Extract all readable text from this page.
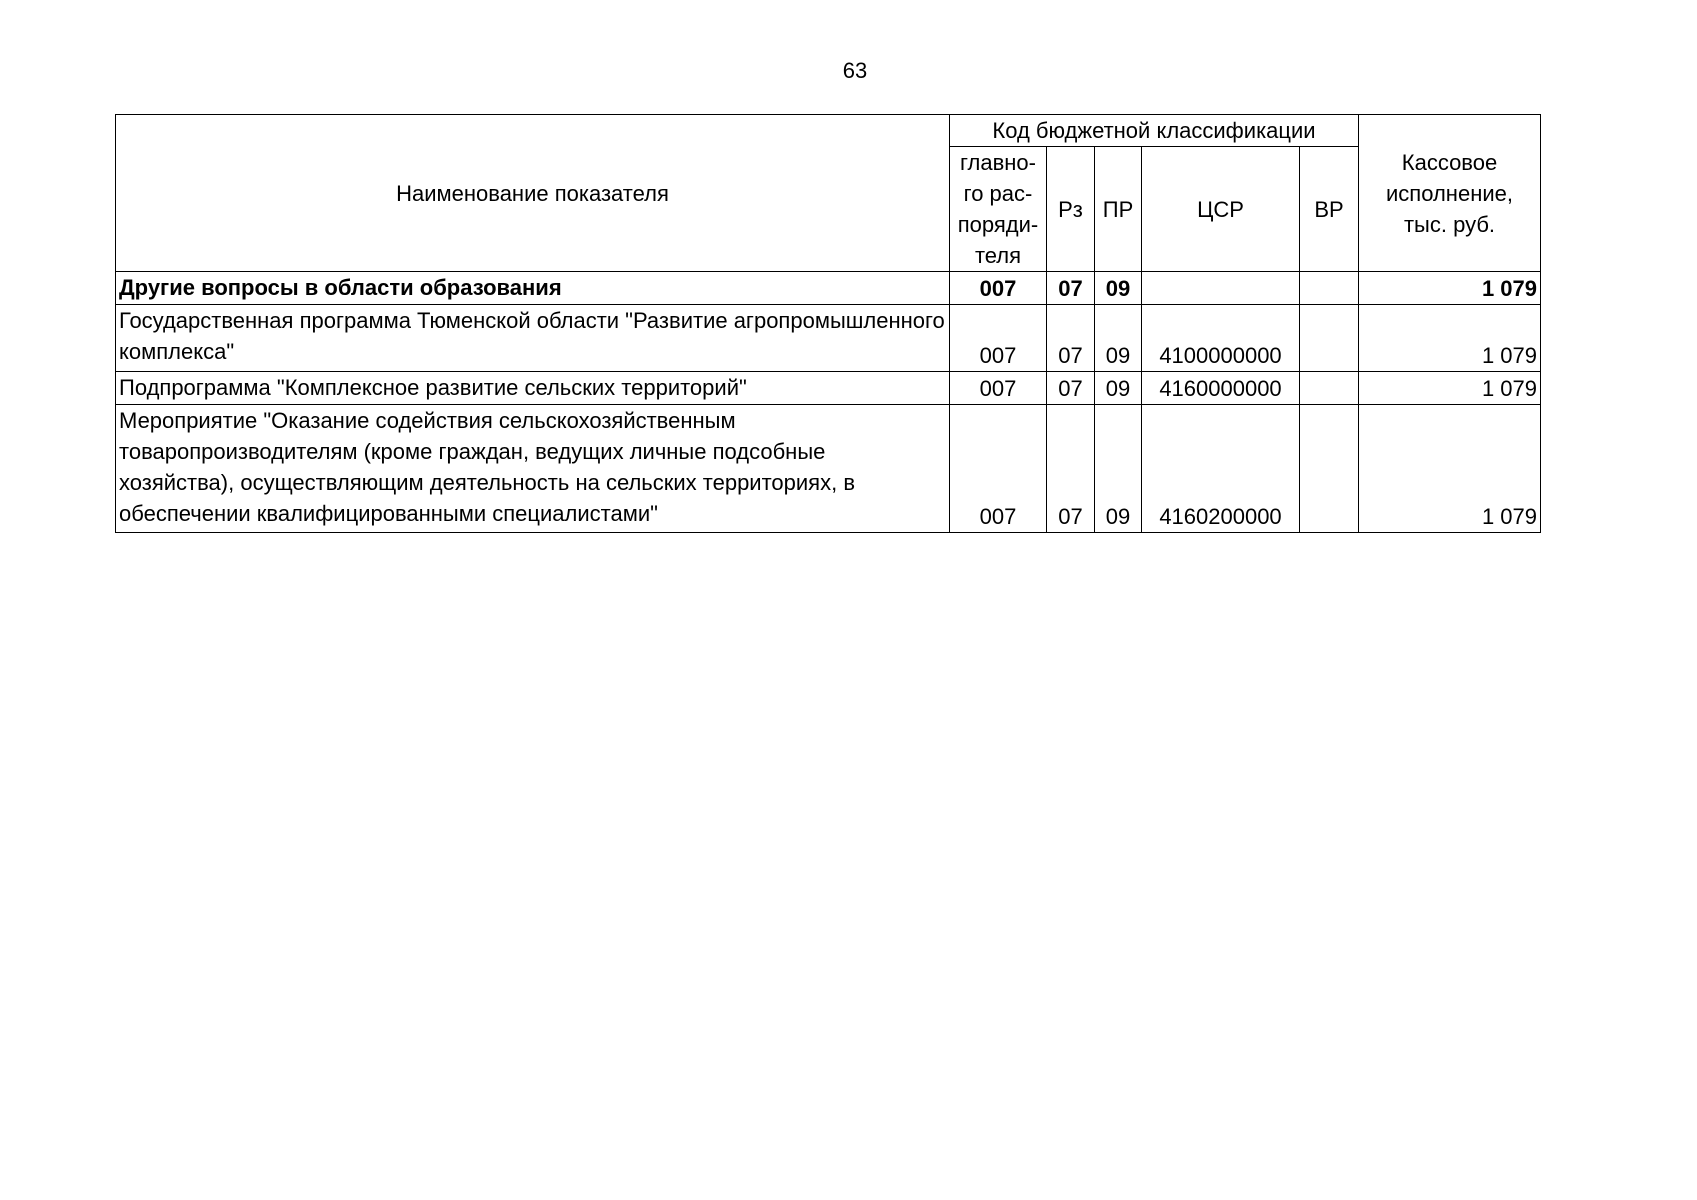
63
Наименование показателя	Код бюджетной классификации					Кассовое
исполнение,
тыс. руб.

	главно-
го рас-
поряди-
теля	Рз	ПР	ЦСР	ВР	
Другие вопросы в области образования	007	07	09			1 079
Государственная программа Тюменской области "Развитие агропромышленного комплекса"	007	07	09	4100000000		1 079
Подпрограмма "Комплексное развитие сельских территорий"	007	07	09	4160000000		1 079
Мероприятие "Оказание содействия сельскохозяйственным товаропроизводителям (кроме граждан, ведущих личные подсобные хозяйства), осуществляющим деятельность на сельских территориях, в обеспечении квалифицированными специалистами"	007	07	09	4160200000		1 079
